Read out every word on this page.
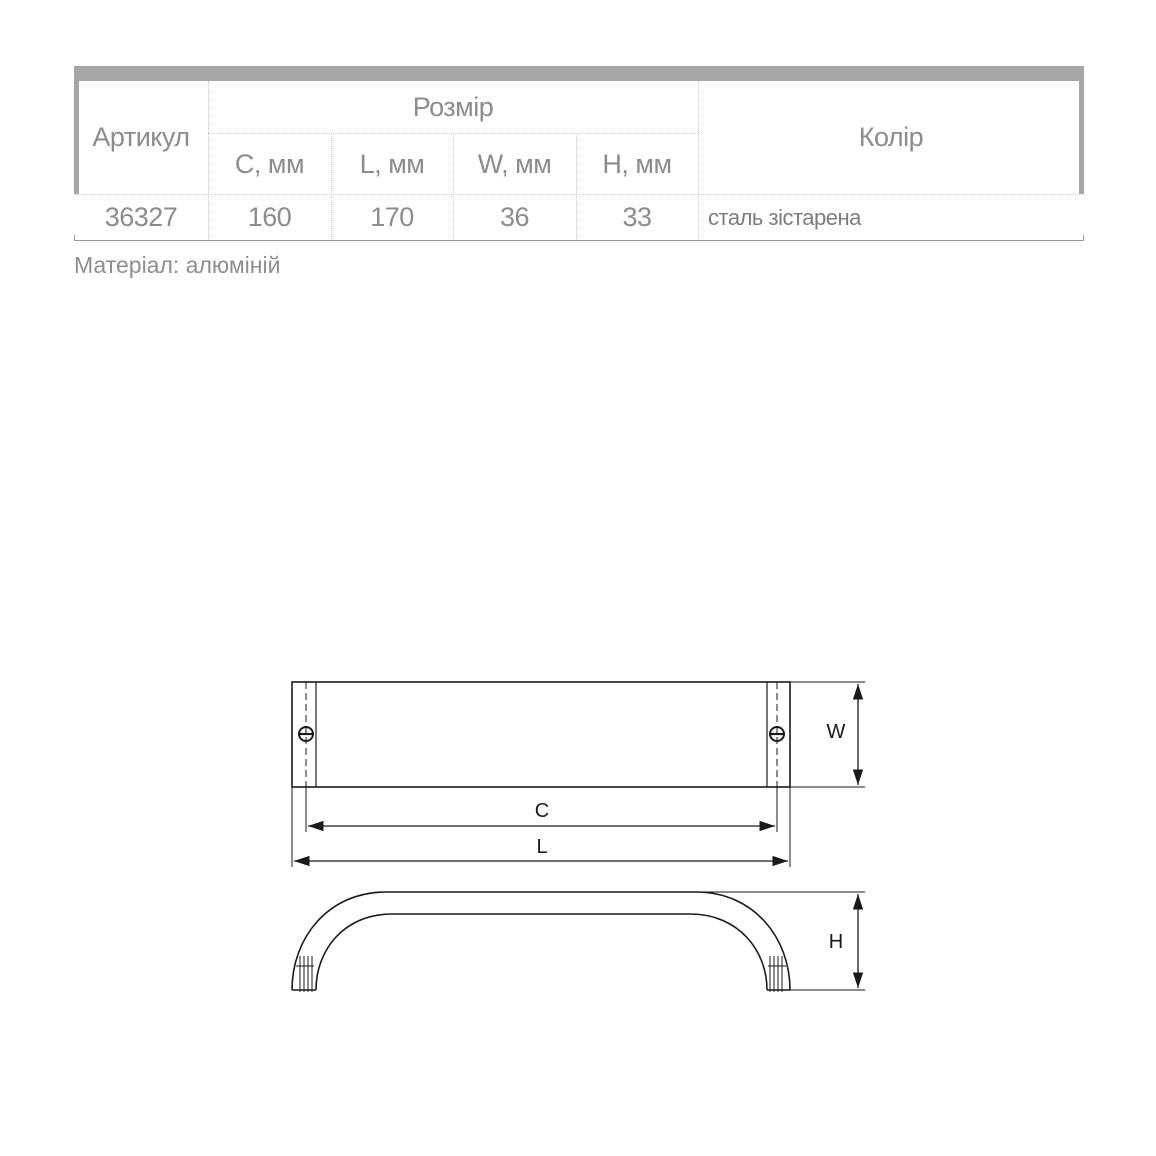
Артикул
Розмір
Колір
C, мм	L, мм	W, мм	H, мм
36327	160	170	36	33	сталь зістарена
Матеріал: алюміній
W
C
L
H
